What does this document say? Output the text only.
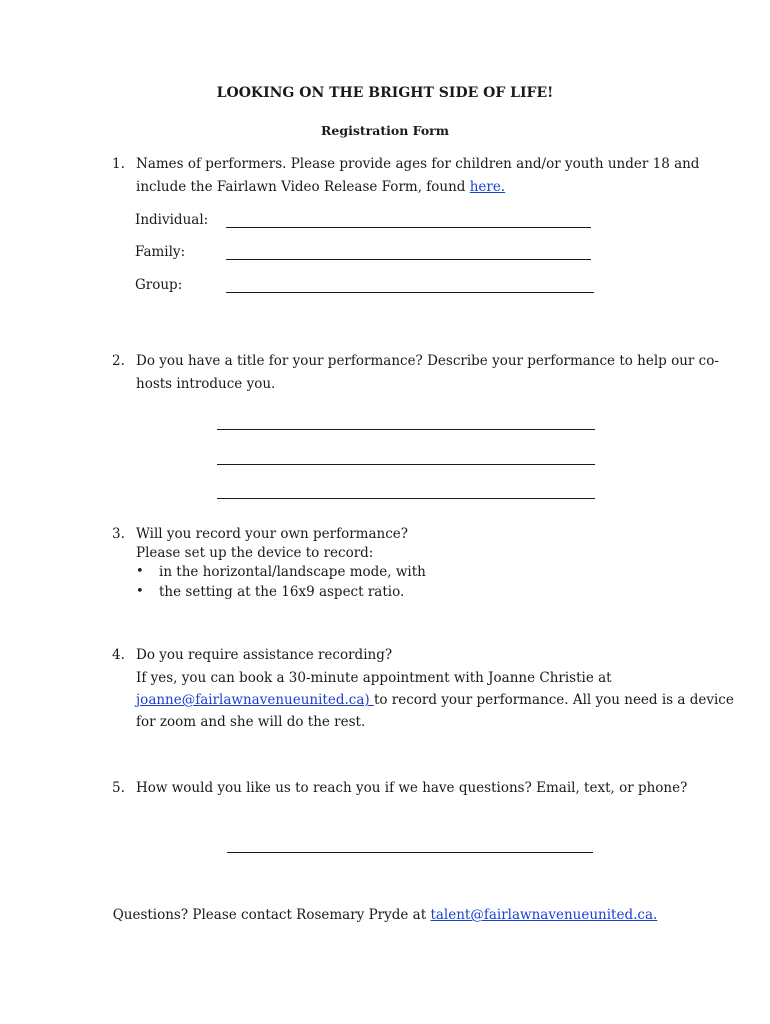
LOOKING ON THE BRIGHT SIDE OF LIFE!
Registration Form
1. Names of performers. Please provide ages for children and/or youth under 18 and
include the Fairlawn Video Release Form, found here.
Individual:
Family:
Group:
2. Do you have a title for your performance? Describe your performance to help our co-
hosts introduce you.
3. Will you record your own performance?
Please set up the device to record:
• in the horizontal/landscape mode, with
• the setting at the 16x9 aspect ratio.
4. Do you require assistance recording?
If yes, you can book a 30-minute appointment with Joanne Christie at
joanne@fairlawnavenueunited.ca) to record your performance. All you need is a device
for zoom and she will do the rest.
5. How would you like us to reach you if we have questions? Email, text, or phone?
Questions? Please contact Rosemary Pryde at talent@fairlawnavenueunited.ca.
